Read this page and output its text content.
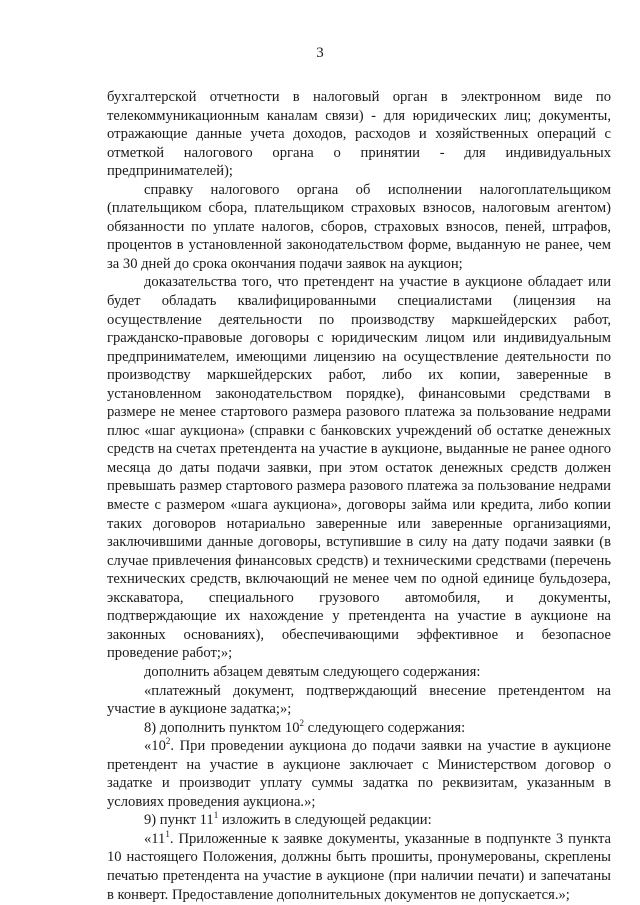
3

бухгалтерской отчетности в налоговый орган в электронном виде по телекоммуникационным каналам связи) - для юридических лиц; документы, отражающие данные учета доходов, расходов и хозяйственных операций с отметкой налогового органа о принятии - для индивидуальных предпринимателей);

справку налогового органа об исполнении налогоплательщиком (плательщиком сбора, плательщиком страховых взносов, налоговым агентом) обязанности по уплате налогов, сборов, страховых взносов, пеней, штрафов, процентов в установленной законодательством форме, выданную не ранее, чем за 30 дней до срока окончания подачи заявок на аукцион;

доказательства того, что претендент на участие в аукционе обладает или будет обладать квалифицированными специалистами (лицензия на осуществление деятельности по производству маркшейдерских работ, гражданско-правовые договоры с юридическим лицом или индивидуальным предпринимателем, имеющими лицензию на осуществление деятельности по производству маркшейдерских работ, либо их копии, заверенные в установленном законодательством порядке), финансовыми средствами в размере не менее стартового размера разового платежа за пользование недрами плюс «шаг аукциона» (справки с банковских учреждений об остатке денежных средств на счетах претендента на участие в аукционе, выданные не ранее одного месяца до даты подачи заявки, при этом остаток денежных средств должен превышать размер стартового размера разового платежа за пользование недрами вместе с размером «шага аукциона», договоры займа или кредита, либо копии таких договоров нотариально заверенные или заверенные организациями, заключившими данные договоры, вступившие в силу на дату подачи заявки (в случае привлечения финансовых средств) и техническими средствами (перечень технических средств, включающий не менее чем по одной единице бульдозера, экскаватора, специального грузового автомобиля, и документы, подтверждающие их нахождение у претендента на участие в аукционе на законных основаниях), обеспечивающими эффективное и безопасное проведение работ;»;

дополнить абзацем девятым следующего содержания:

«платежный документ, подтверждающий внесение претендентом на участие в аукционе задатка;»;

8) дополнить пунктом $10^2$ следующего содержания:

«$10^2$. При проведении аукциона до подачи заявки на участие в аукционе претендент на участие в аукционе заключает с Министерством договор о задатке и производит уплату суммы задатка по реквизитам, указанным в условиях проведения аукциона.»;

9) пункт $11^1$ изложить в следующей редакции:

«$11^1$. Приложенные к заявке документы, указанные в подпункте 3 пункта 10 настоящего Положения, должны быть прошиты, пронумерованы, скреплены печатью претендента на участие в аукционе (при наличии печати) и запечатаны в конверт. Предоставление дополнительных документов не допускается.»;
